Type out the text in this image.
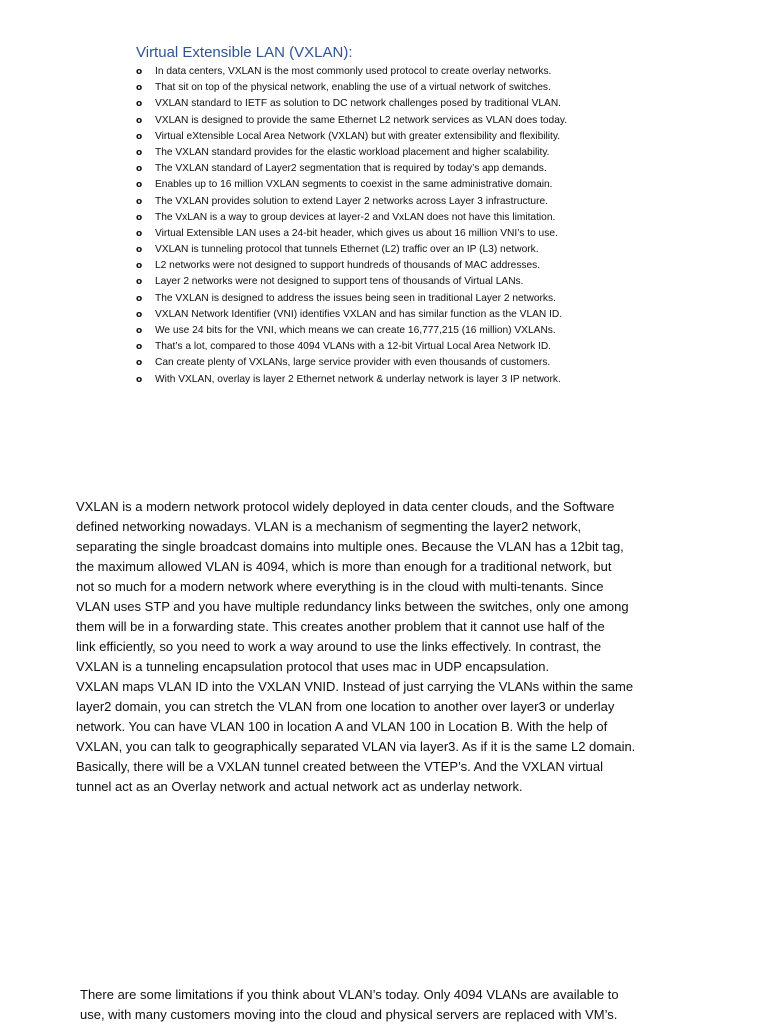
Virtual Extensible LAN (VXLAN):
o In data centers, VXLAN is the most commonly used protocol to create overlay networks.
o That sit on top of the physical network, enabling the use of a virtual network of switches.
o VXLAN standard to IETF as solution to DC network challenges posed by traditional VLAN.
o VXLAN is designed to provide the same Ethernet L2 network services as VLAN does today.
o Virtual eXtensible Local Area Network (VXLAN) but with greater extensibility and flexibility.
o The VXLAN standard provides for the elastic workload placement and higher scalability.
o The VXLAN standard of Layer2 segmentation that is required by today’s app demands.
o Enables up to 16 million VXLAN segments to coexist in the same administrative domain.
o The VXLAN provides solution to extend Layer 2 networks across Layer 3 infrastructure.
o The VxLAN is a way to group devices at layer-2 and VxLAN does not have this limitation.
o Virtual Extensible LAN uses a 24-bit header, which gives us about 16 million VNI’s to use.
o VXLAN is tunneling protocol that tunnels Ethernet (L2) traffic over an IP (L3) network.
o L2 networks were not designed to support hundreds of thousands of MAC addresses.
o Layer 2 networks were not designed to support tens of thousands of Virtual LANs.
o The VXLAN is designed to address the issues being seen in traditional Layer 2 networks.
o VXLAN Network Identifier (VNI) identifies VXLAN and has similar function as the VLAN ID.
o We use 24 bits for the VNI, which means we can create 16,777,215 (16 million) VXLANs.
o That’s a lot, compared to those 4094 VLANs with a 12-bit Virtual Local Area Network ID.
o Can create plenty of VXLANs, large service provider with even thousands of customers.
o With VXLAN, overlay is layer 2 Ethernet network & underlay network is layer 3 IP network.

VXLAN is a modern network protocol widely deployed in data center clouds, and the Software
defined networking nowadays. VLAN is a mechanism of segmenting the layer2 network,
separating the single broadcast domains into multiple ones. Because the VLAN has a 12bit tag,
the maximum allowed VLAN is 4094, which is more than enough for a traditional network, but
not so much for a modern network where everything is in the cloud with multi-tenants. Since
VLAN uses STP and you have multiple redundancy links between the switches, only one among
them will be in a forwarding state. This creates another problem that it cannot use half of the
link efficiently, so you need to work a way around to use the links effectively. In contrast, the
VXLAN is a tunneling encapsulation protocol that uses mac in UDP encapsulation.
VXLAN maps VLAN ID into the VXLAN VNID. Instead of just carrying the VLANs within the same
layer2 domain, you can stretch the VLAN from one location to another over layer3 or underlay
network. You can have VLAN 100 in location A and VLAN 100 in Location B. With the help of
VXLAN, you can talk to geographically separated VLAN via layer3. As if it is the same L2 domain.
Basically, there will be a VXLAN tunnel created between the VTEP’s. And the VXLAN virtual
tunnel act as an Overlay network and actual network act as underlay network.

There are some limitations if you think about VLAN’s today. Only 4094 VLANs are available to
use, with many customers moving into the cloud and physical servers are replaced with VM’s.
